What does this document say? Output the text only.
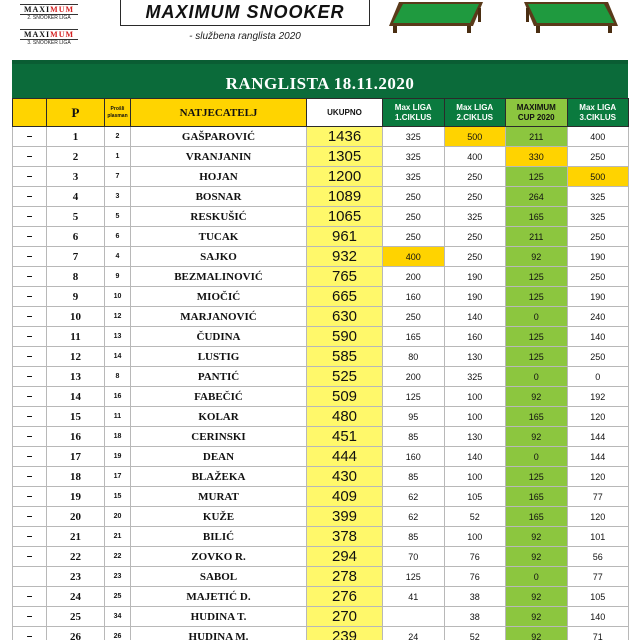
MAXIMUM
2. SNOOKER LIGA
MAXIMUM
3. SNOOKER LIGA
MAXIMUM SNOOKER
- službena ranglista 2020
RANGLISTA 18.11.2020
	P	Prošli plasman	NATJECATELJ	UKUPNO	Max LIGA
1.CIKLUS	Max LIGA
2.CIKLUS	MAXIMUM
CUP 2020	Max LIGA
3.CIKLUS
–	1	2	GAŠPAROVIĆ	1436	325	500	211	400
–	2	1	VRANJANIN	1305	325	400	330	250
–	3	7	HOJAN	1200	325	250	125	500
–	4	3	BOSNAR	1089	250	250	264	325
–	5	5	RESKUŠIĆ	1065	250	325	165	325
–	6	6	TUCAK	961	250	250	211	250
–	7	4	SAJKO	932	400	250	92	190
–	8	9	BEZMALINOVIĆ	765	200	190	125	250
–	9	10	MIOČIĆ	665	160	190	125	190
–	10	12	MARJANOVIĆ	630	250	140	0	240
–	11	13	ČUDINA	590	165	160	125	140
–	12	14	LUSTIG	585	80	130	125	250
–	13	8	PANTIĆ	525	200	325	0	0
–	14	16	FABEČIĆ	509	125	100	92	192
–	15	11	KOLAR	480	95	100	165	120
–	16	18	CERINSKI	451	85	130	92	144
–	17	19	DEAN	444	160	140	0	144
–	18	17	BLAŽEKA	430	85	100	125	120
–	19	15	MURAT	409	62	105	165	77
–	20	20	KUŽE	399	62	52	165	120
–	21	21	BILIĆ	378	85	100	92	101
–	22	22	ZOVKO R.	294	70	76	92	56
	23	23	SABOL	278	125	76	0	77
–	24	25	MAJETIĆ D.	276	41	38	92	105
–	25	34	HUDINA T.	270		38	92	140
–	26	26	HUDINA M.	239	24	52	92	71
